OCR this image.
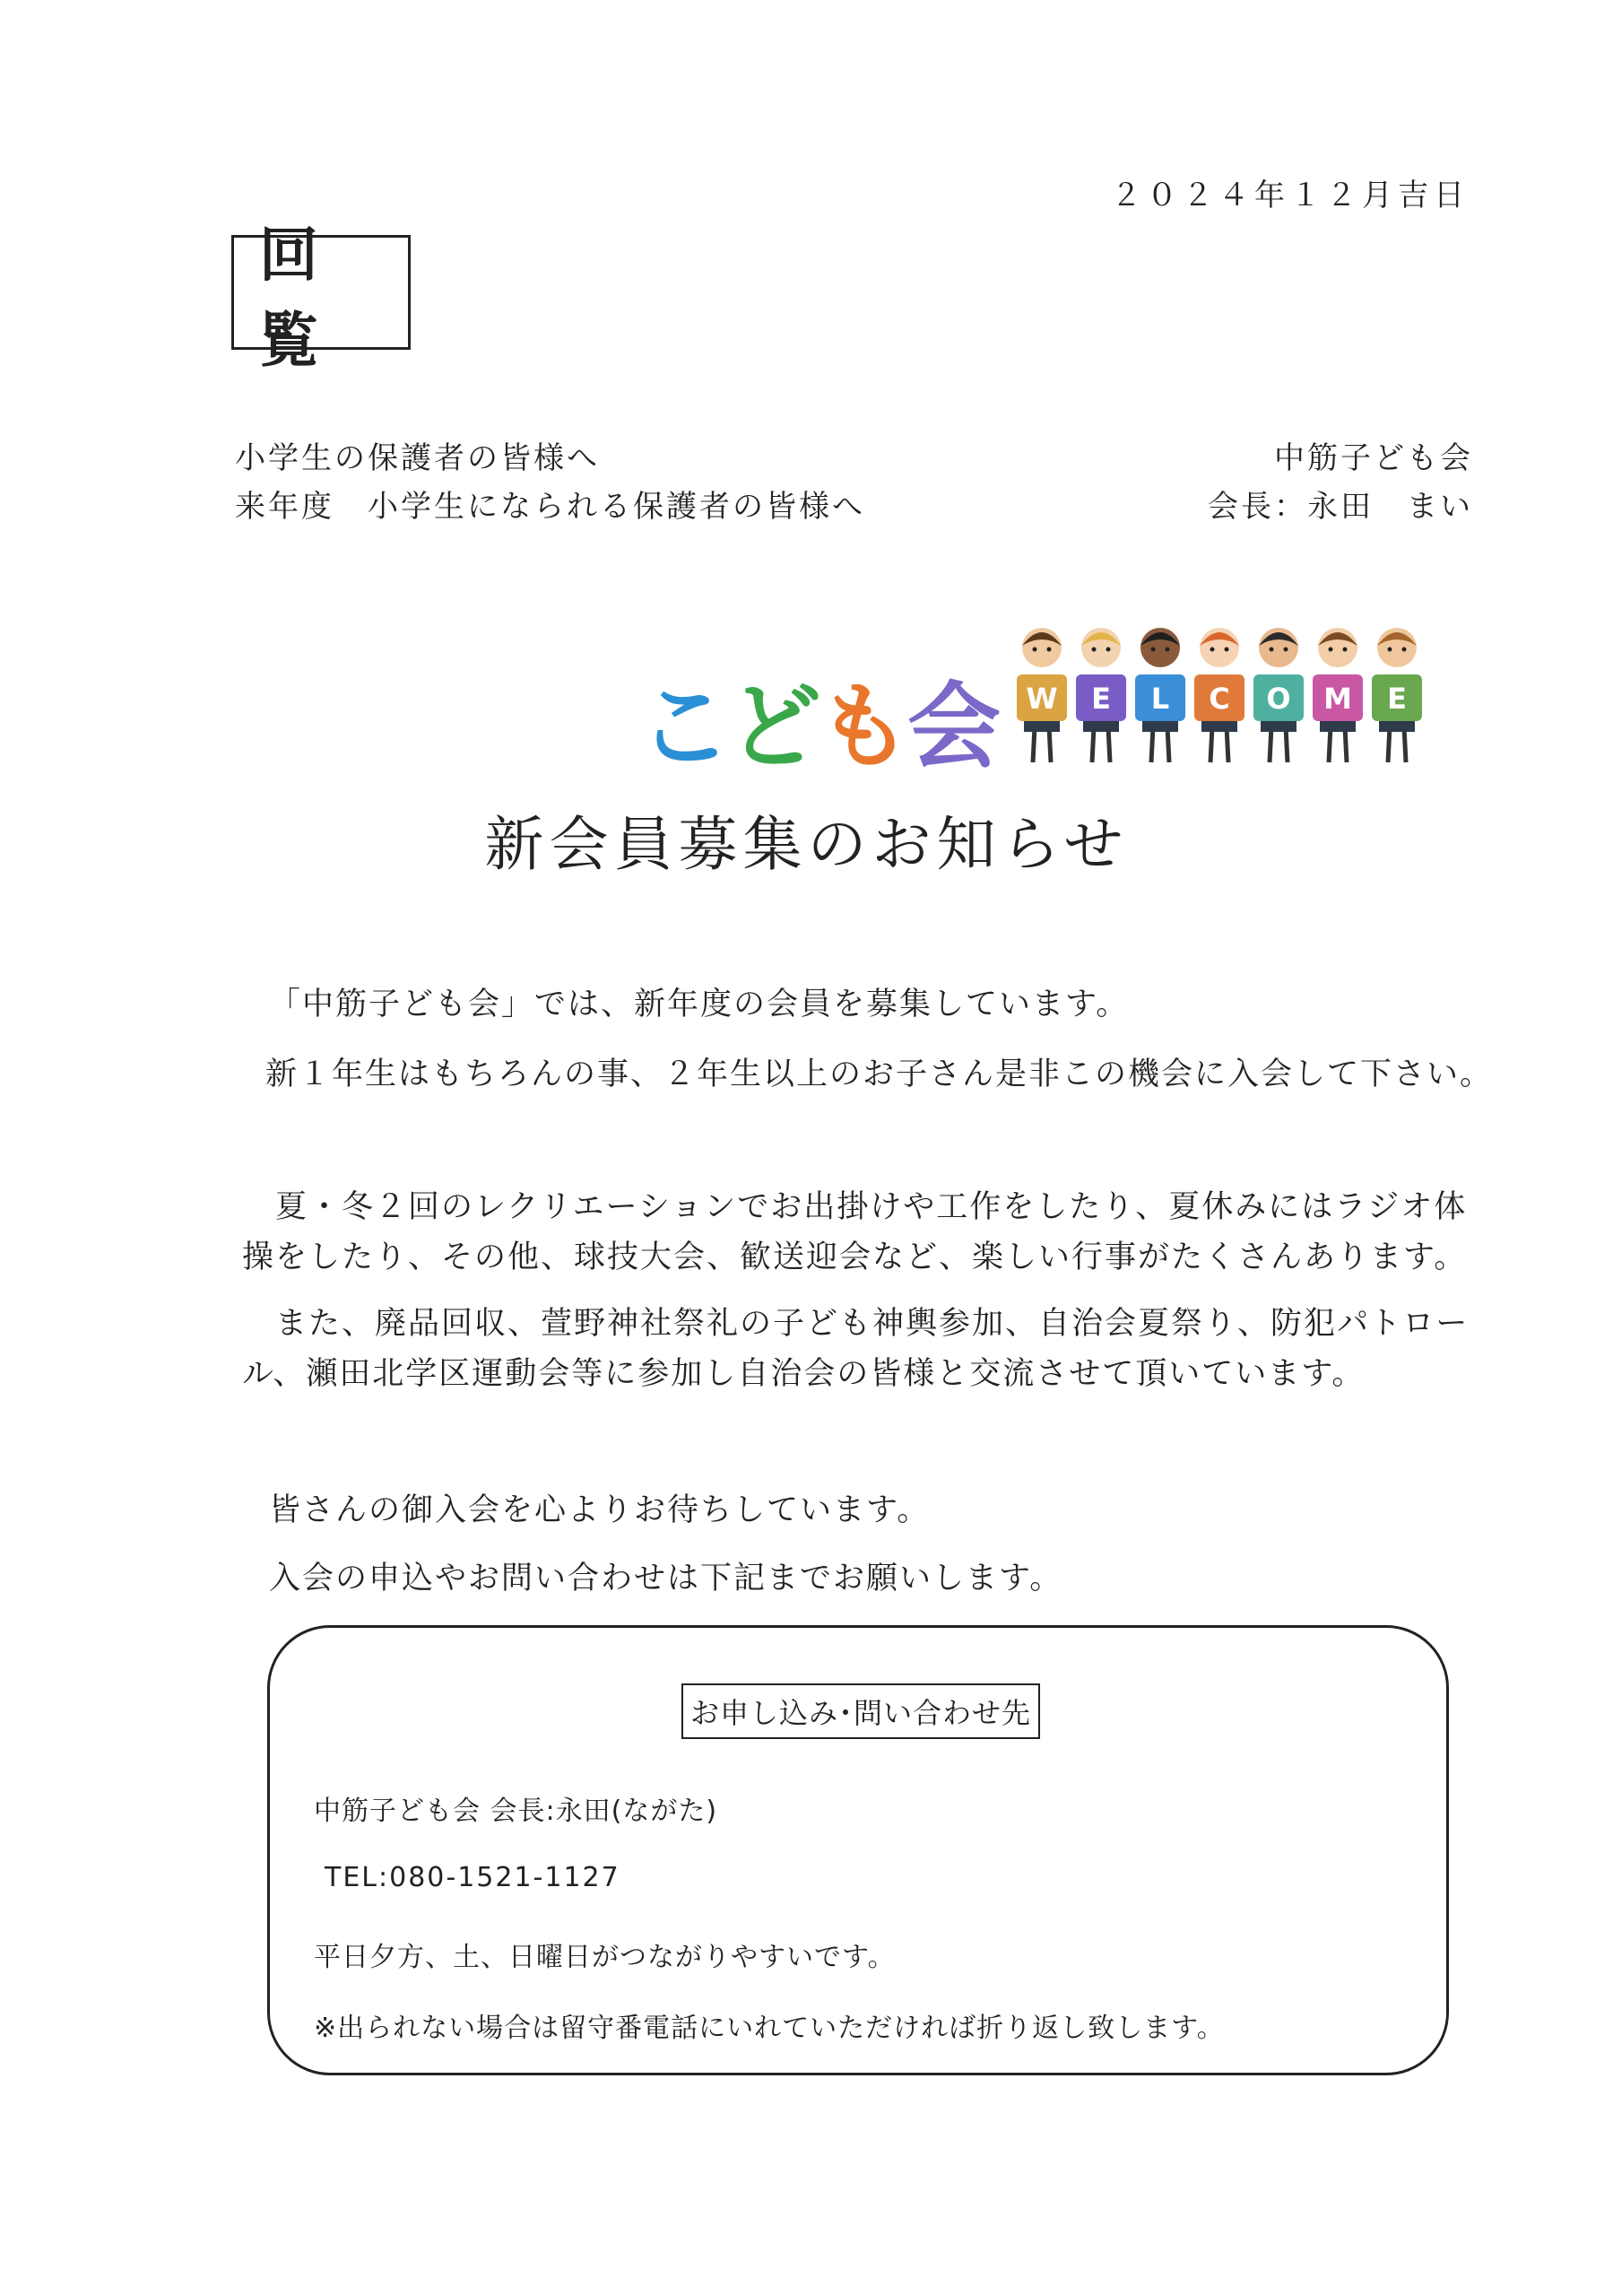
２０２４年１２月吉日
回覧
小学生の保護者の皆様へ
来年度　小学生になられる保護者の皆様へ
中筋子ども会
会長：永田　まい
こども会 W E L C O M E
新会員募集のお知らせ
「中筋子ども会」では、新年度の会員を募集しています。
新１年生はもちろんの事、２年生以上のお子さん是非この機会に入会して下さい。
　夏・冬２回のレクリエーションでお出掛けや工作をしたり、夏休みにはラジオ体操をしたり、その他、球技大会、歓送迎会など、楽しい行事がたくさんあります。
　また、廃品回収、萱野神社祭礼の子ども神輿参加、自治会夏祭り、防犯パトロール、瀬田北学区運動会等に参加し自治会の皆様と交流させて頂いています。
皆さんの御入会を心よりお待ちしています。
入会の申込やお問い合わせは下記までお願いします。
お申し込み･問い合わせ先
中筋子ども会 会長:永田(ながた)
TEL:080-1521-1127
平日夕方、土、日曜日がつながりやすいです。
※出られない場合は留守番電話にいれていただければ折り返し致します。
